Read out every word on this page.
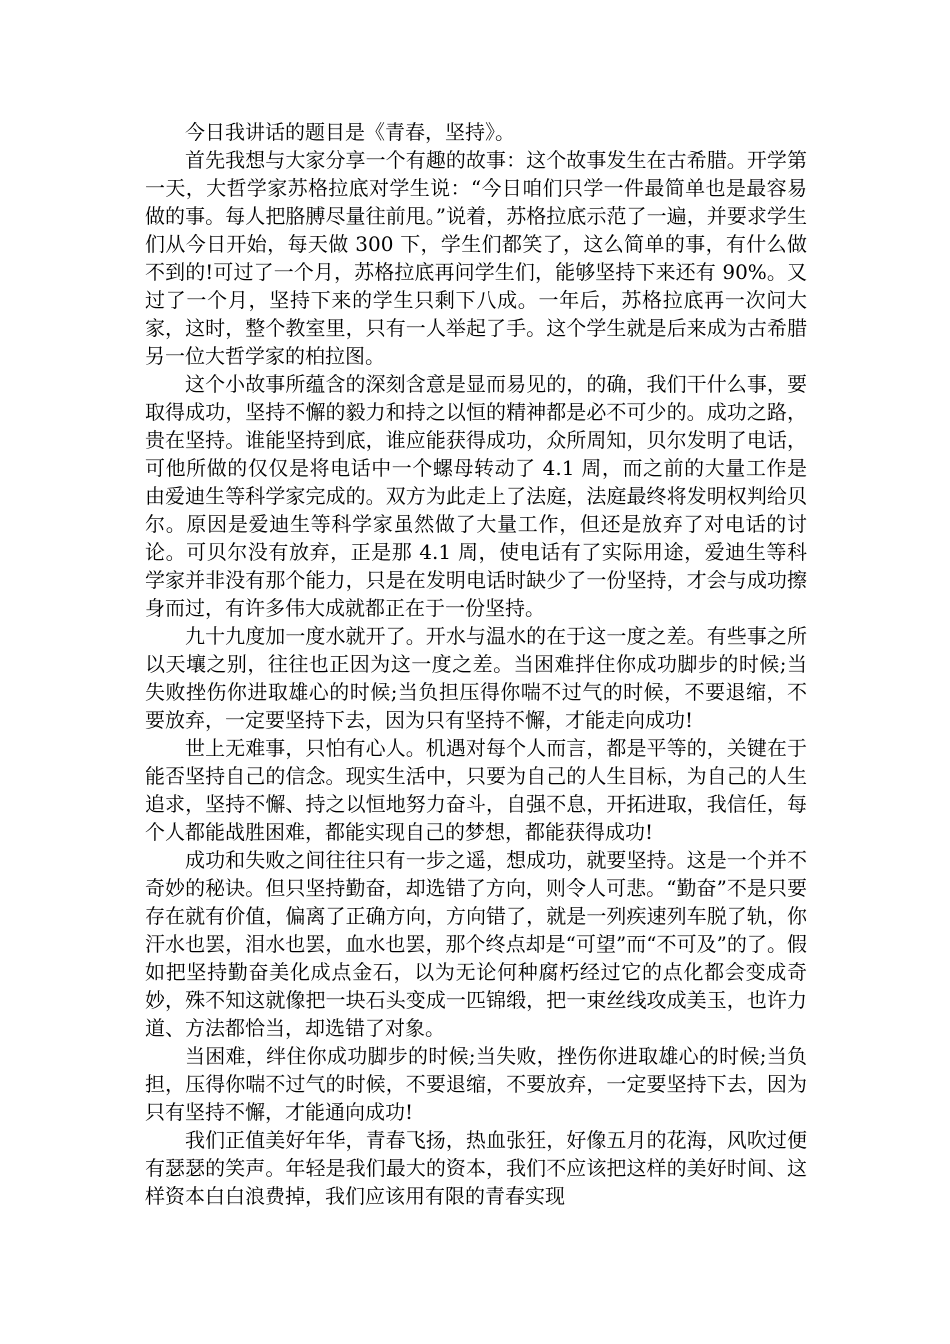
今日我讲话的题目是《青春，坚持》。

首先我想与大家分享一个有趣的故事：这个故事发生在古希腊。开学第一天，大哲学家苏格拉底对学生说：“今日咱们只学一件最简单也是最容易做的事。每人把胳膊尽量往前甩。”说着，苏格拉底示范了一遍，并要求学生们从今日开始，每天做 300 下，学生们都笑了，这么简单的事，有什么做不到的!可过了一个月，苏格拉底再问学生们，能够坚持下来还有 90%。又过了一个月，坚持下来的学生只剩下八成。一年后，苏格拉底再一次问大家，这时，整个教室里，只有一人举起了手。这个学生就是后来成为古希腊另一位大哲学家的柏拉图。

这个小故事所蕴含的深刻含意是显而易见的，的确，我们干什么事，要取得成功，坚持不懈的毅力和持之以恒的精神都是必不可少的。成功之路，贵在坚持。谁能坚持到底，谁应能获得成功，众所周知，贝尔发明了电话，可他所做的仅仅是将电话中一个螺母转动了 4.1 周，而之前的大量工作是由爱迪生等科学家完成的。双方为此走上了法庭，法庭最终将发明权判给贝尔。原因是爱迪生等科学家虽然做了大量工作，但还是放弃了对电话的讨论。可贝尔没有放弃，正是那 4.1 周，使电话有了实际用途，爱迪生等科学家并非没有那个能力，只是在发明电话时缺少了一份坚持，才会与成功擦身而过，有许多伟大成就都正在于一份坚持。

九十九度加一度水就开了。开水与温水的在于这一度之差。有些事之所以天壤之别，往往也正因为这一度之差。当困难拌住你成功脚步的时候;当失败挫伤你进取雄心的时候;当负担压得你喘不过气的时候，不要退缩，不要放弃，一定要坚持下去，因为只有坚持不懈，才能走向成功!

世上无难事，只怕有心人。机遇对每个人而言，都是平等的，关键在于能否坚持自己的信念。现实生活中，只要为自己的人生目标，为自己的人生追求，坚持不懈、持之以恒地努力奋斗，自强不息，开拓进取，我信任，每个人都能战胜困难，都能实现自己的梦想，都能获得成功!

成功和失败之间往往只有一步之遥，想成功，就要坚持。这是一个并不奇妙的秘诀。但只坚持勤奋，却选错了方向，则令人可悲。“勤奋”不是只要存在就有价值，偏离了正确方向，方向错了，就是一列疾速列车脱了轨，你汗水也罢，泪水也罢，血水也罢，那个终点却是“可望”而“不可及”的了。假如把坚持勤奋美化成点金石，以为无论何种腐朽经过它的点化都会变成奇妙，殊不知这就像把一块石头变成一匹锦缎，把一束丝线攻成美玉，也许力道、方法都恰当，却选错了对象。

当困难，绊住你成功脚步的时候;当失败，挫伤你进取雄心的时候;当负担，压得你喘不过气的时候，不要退缩，不要放弃，一定要坚持下去，因为只有坚持不懈，才能通向成功!

我们正值美好年华，青春飞扬，热血张狂，好像五月的花海，风吹过便有瑟瑟的笑声。年轻是我们最大的资本，我们不应该把这样的美好时间、这样资本白白浪费掉，我们应该用有限的青春实现
